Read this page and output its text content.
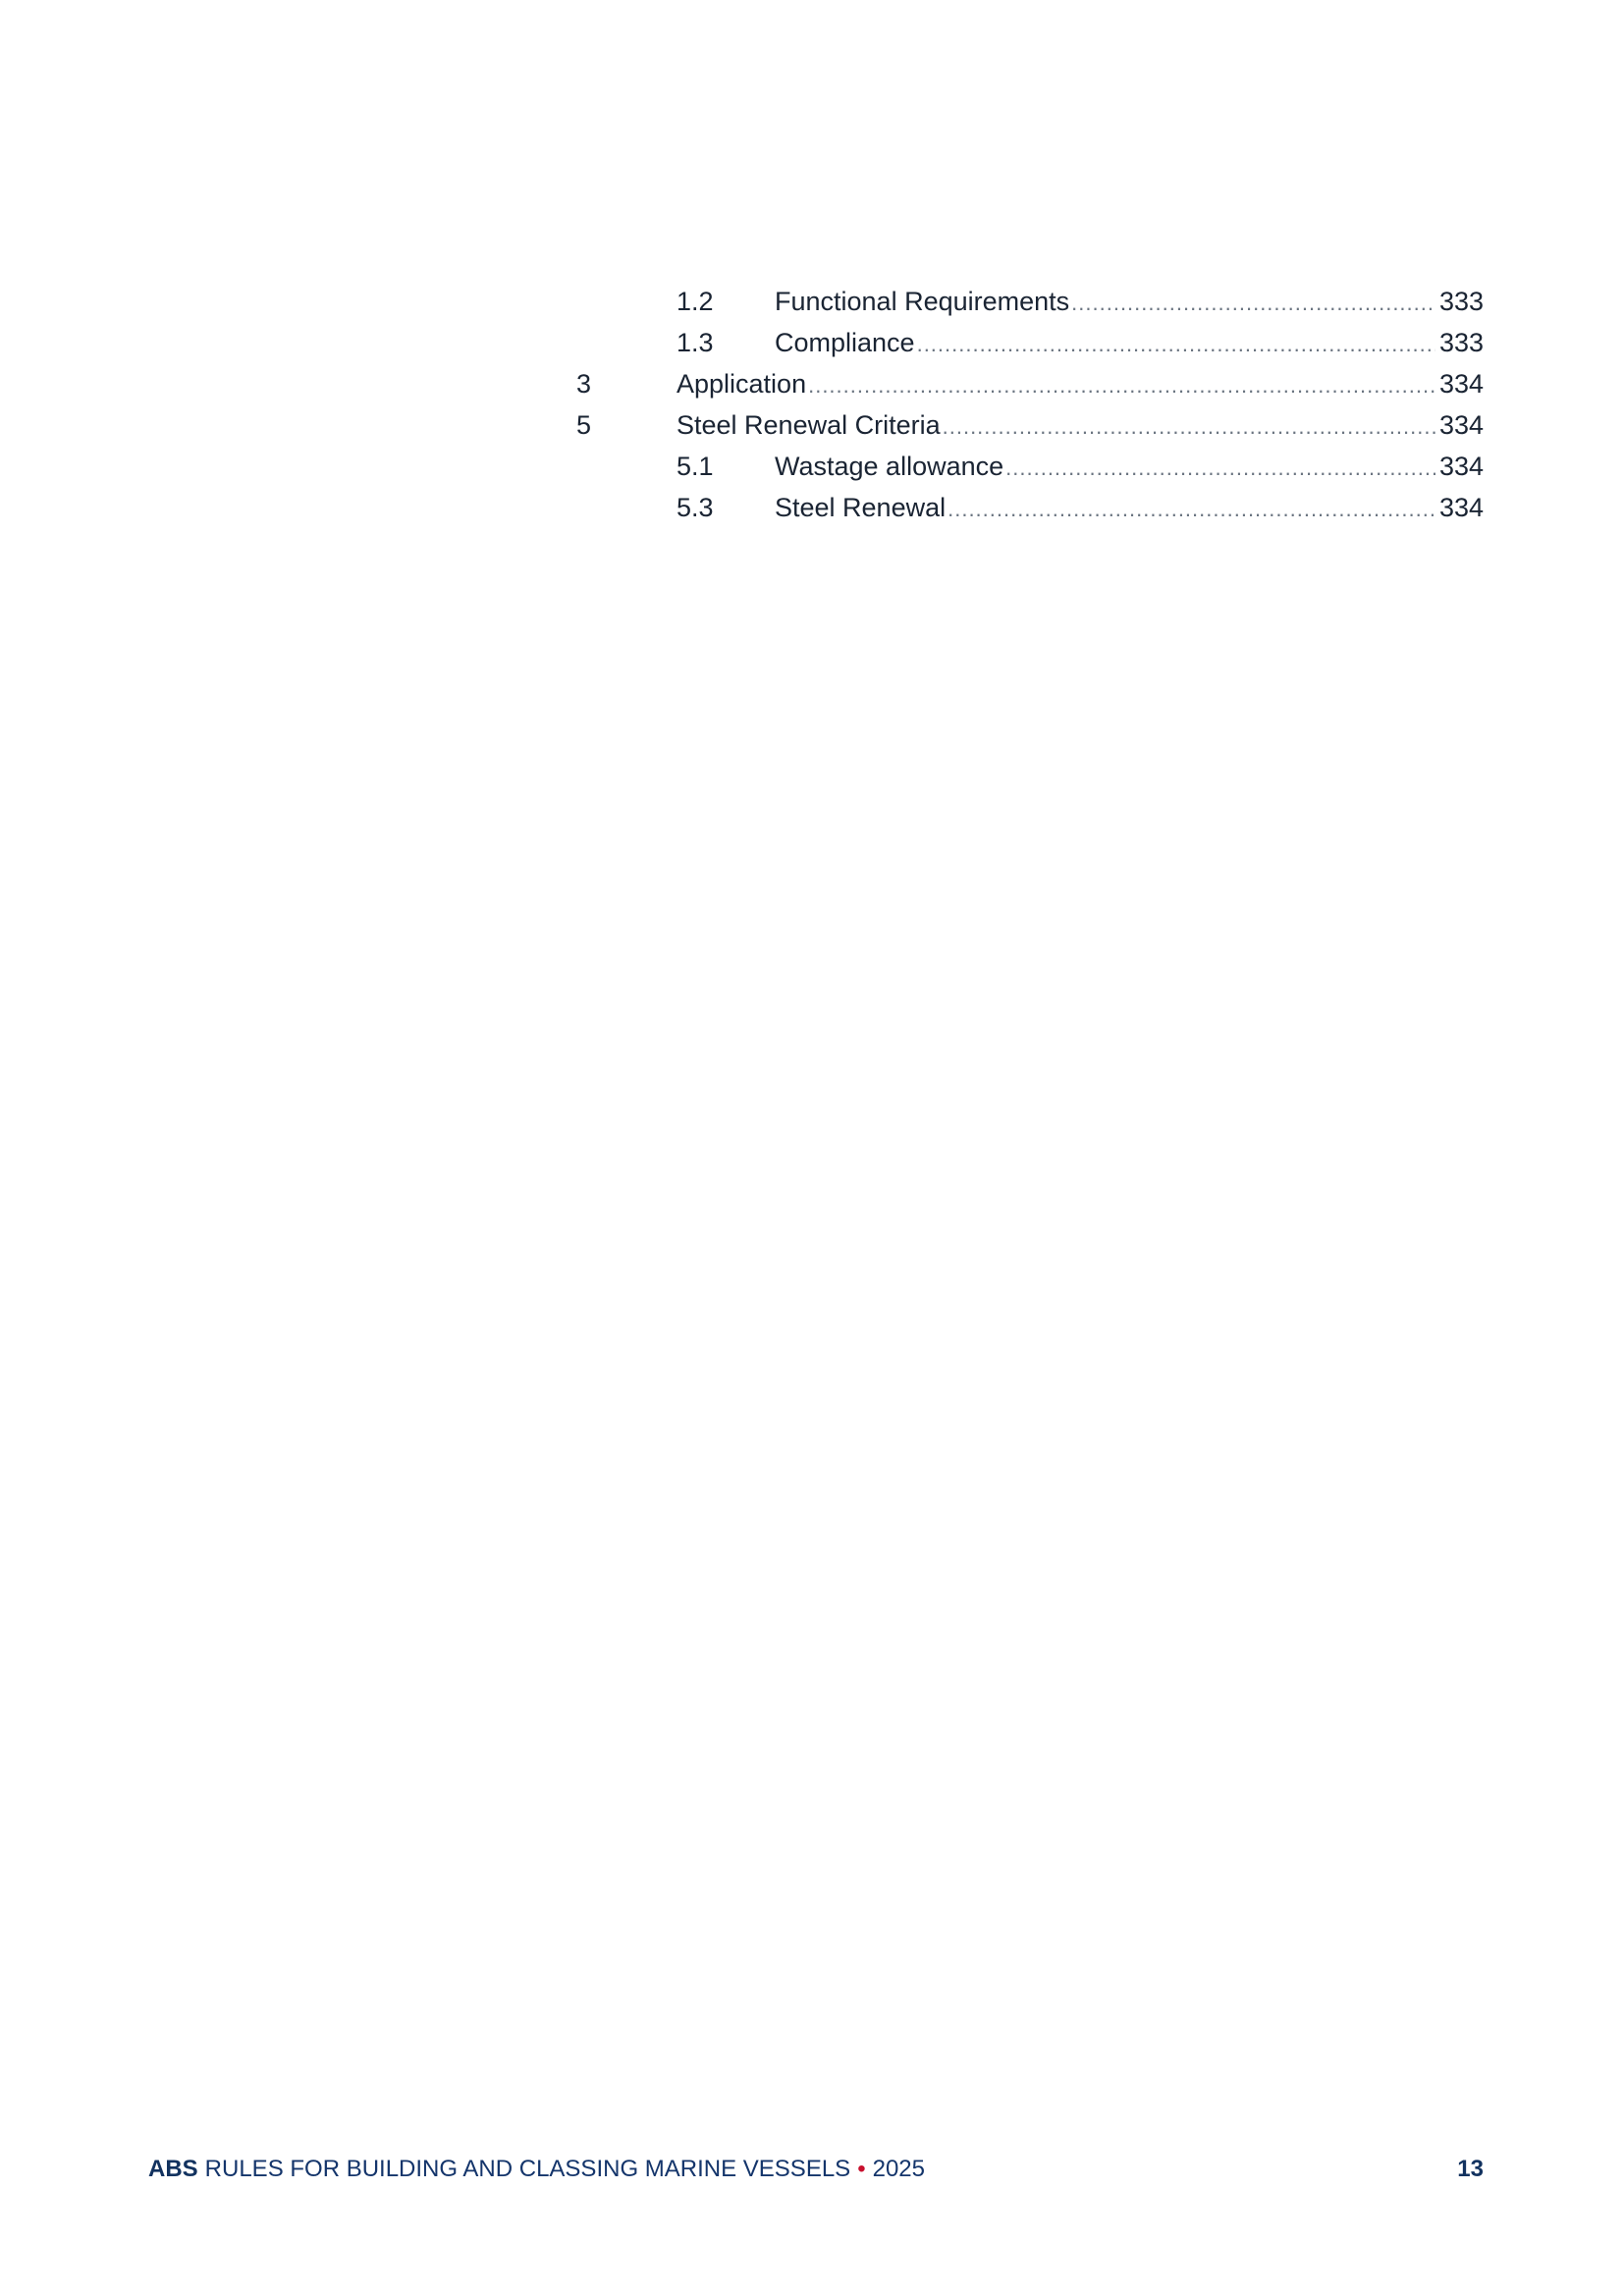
1.2	Functional Requirements .....	333
1.3	Compliance .....	333
3	Application .....	334
5	Steel Renewal Criteria .....	334
5.1	Wastage allowance .....	334
5.3	Steel Renewal .....	334
ABS RULES FOR BUILDING AND CLASSING MARINE VESSELS • 2025	13
